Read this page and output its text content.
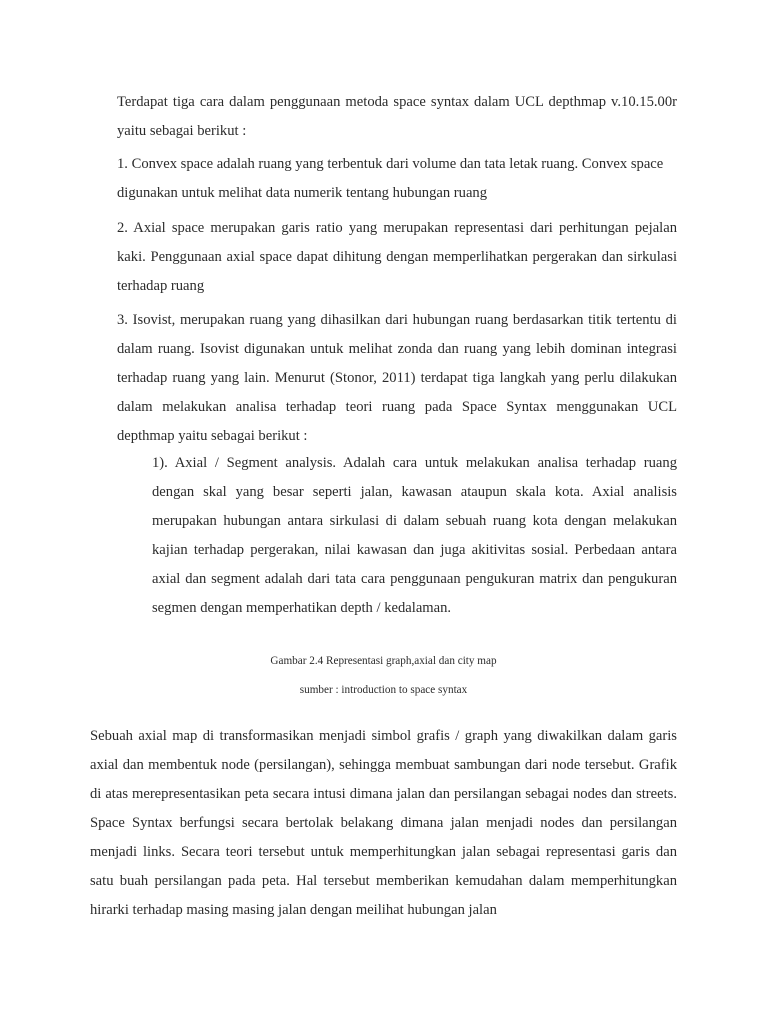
Terdapat tiga cara dalam penggunaan metoda space syntax dalam UCL depthmap v.10.15.00r yaitu sebagai berikut :

1. Convex space adalah ruang yang terbentuk dari volume dan tata letak ruang. Convex space digunakan untuk melihat data numerik tentang hubungan ruang

2. Axial space merupakan garis ratio yang merupakan representasi dari perhitungan pejalan kaki. Penggunaan axial space dapat dihitung dengan memperlihatkan pergerakan dan sirkulasi terhadap ruang

3. Isovist, merupakan ruang yang dihasilkan dari hubungan ruang berdasarkan titik tertentu di dalam ruang. Isovist digunakan untuk melihat zonda dan ruang yang lebih dominan integrasi terhadap ruang yang lain. Menurut (Stonor, 2011) terdapat tiga langkah yang perlu dilakukan dalam melakukan analisa terhadap teori ruang pada Space Syntax menggunakan UCL depthmap yaitu sebagai berikut :

1). Axial / Segment analysis. Adalah cara untuk melakukan analisa terhadap ruang dengan skal yang besar seperti jalan, kawasan ataupun skala kota. Axial analisis merupakan hubungan antara sirkulasi di dalam sebuah ruang kota dengan melakukan kajian terhadap pergerakan, nilai kawasan dan juga akitivitas sosial. Perbedaan antara axial dan segment adalah dari tata cara penggunaan pengukuran matrix dan pengukuran segmen dengan memperhatikan depth / kedalaman.

Gambar 2.4 Representasi graph,axial dan city map

sumber : introduction to space syntax

Sebuah axial map di transformasikan menjadi simbol grafis / graph yang diwakilkan dalam garis axial dan membentuk node (persilangan), sehingga membuat sambungan dari node tersebut. Grafik di atas merepresentasikan peta secara intusi dimana jalan dan persilangan sebagai nodes dan streets. Space Syntax berfungsi secara bertolak belakang dimana jalan menjadi nodes dan persilangan menjadi links. Secara teori tersebut untuk memperhitungkan jalan sebagai representasi garis dan satu buah persilangan pada peta. Hal tersebut memberikan kemudahan dalam memperhitungkan hirarki terhadap masing masing jalan dengan meilihat hubungan jalan
